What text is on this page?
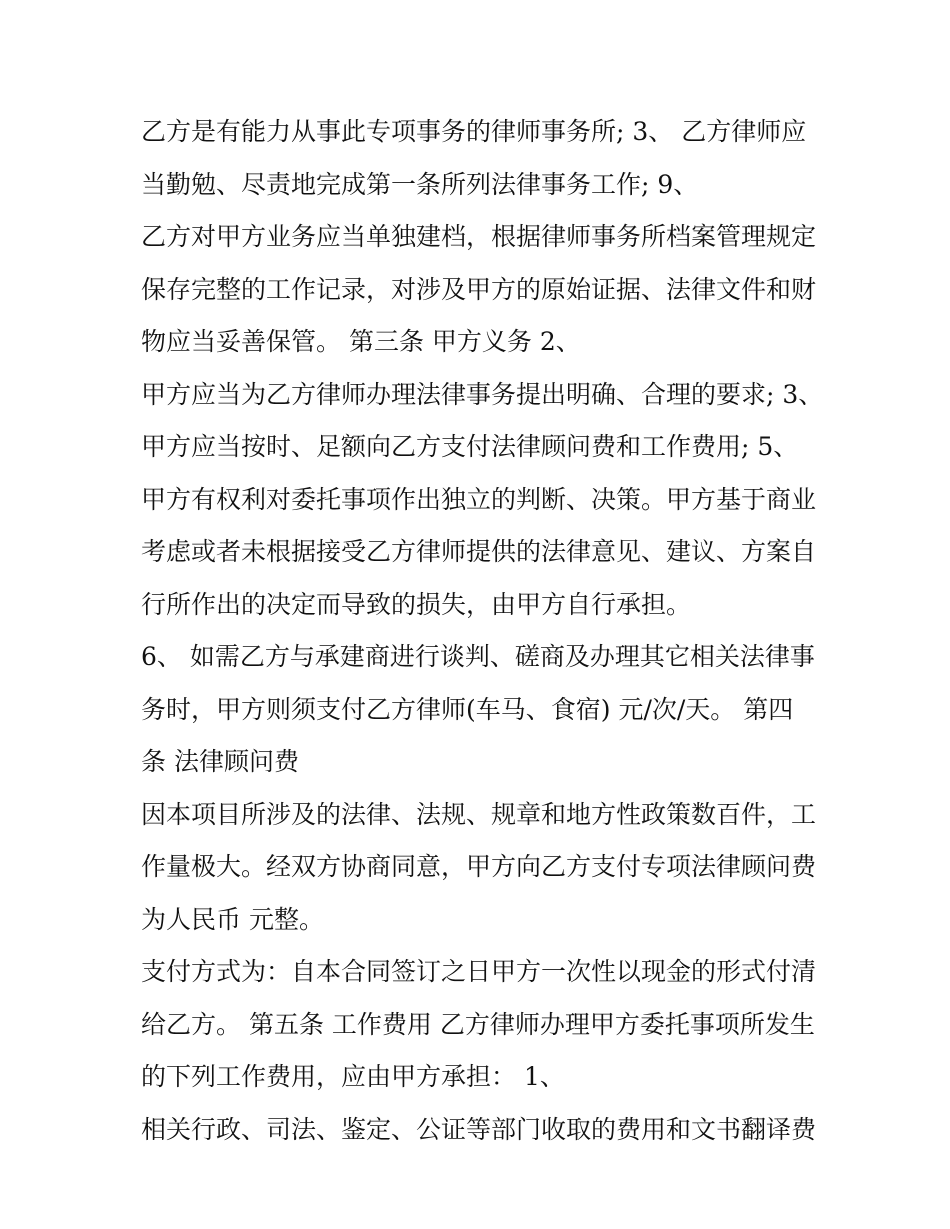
乙方是有能力从事此专项事务的律师事务所; 3、 乙方律师应
当勤勉、尽责地完成第一条所列法律事务工作; 9、
乙方对甲方业务应当单独建档，根据律师事务所档案管理规定
保存完整的工作记录，对涉及甲方的原始证据、法律文件和财
物应当妥善保管。 第三条 甲方义务 2、
甲方应当为乙方律师办理法律事务提出明确、合理的要求; 3、
甲方应当按时、足额向乙方支付法律顾问费和工作费用; 5、
甲方有权利对委托事项作出独立的判断、决策。甲方基于商业
考虑或者未根据接受乙方律师提供的法律意见、建议、方案自
行所作出的决定而导致的损失，由甲方自行承担。
6、 如需乙方与承建商进行谈判、磋商及办理其它相关法律事
务时，甲方则须支付乙方律师(车马、食宿) 元/次/天。 第四
条 法律顾问费
因本项目所涉及的法律、法规、规章和地方性政策数百件，工
作量极大。经双方协商同意，甲方向乙方支付专项法律顾问费
为人民币 元整。
支付方式为：自本合同签订之日甲方一次性以现金的形式付清
给乙方。 第五条 工作费用 乙方律师办理甲方委托事项所发生
的下列工作费用，应由甲方承担： 1、
相关行政、司法、鉴定、公证等部门收取的费用和文书翻译费
